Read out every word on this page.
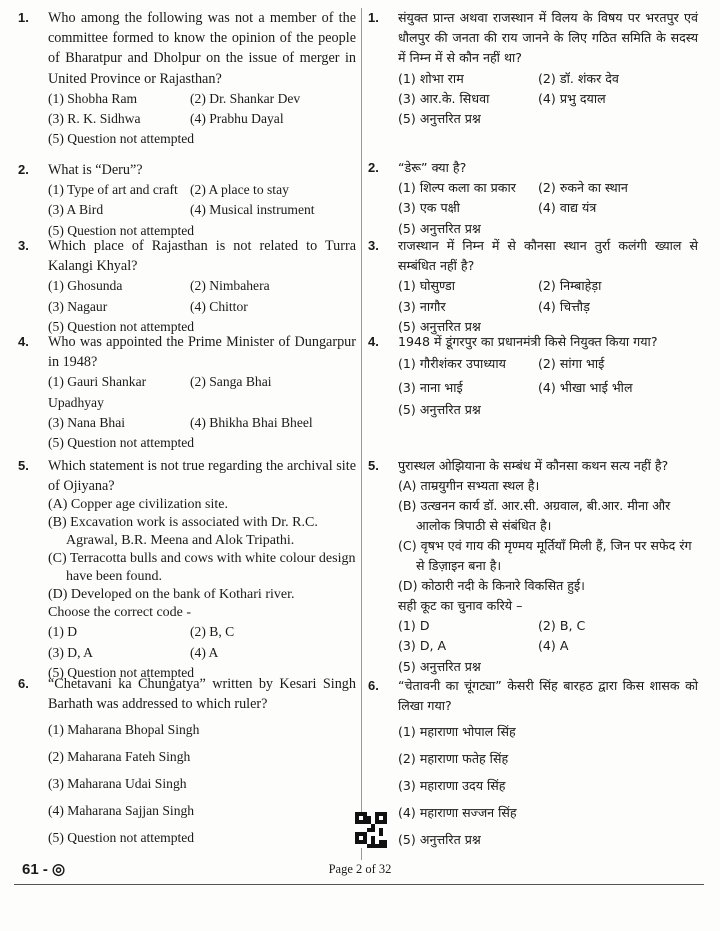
1. Who among the following was not a member of the committee formed to know the opinion of the people of Bharatpur and Dholpur on the issue of merger in United Province or Rajasthan?
(1) Shobha Ram	(2) Dr. Shankar Dev
(3) R. K. Sidhwa	(4) Prabhu Dayal
(5) Question not attempted
2. What is “Deru”?
(1) Type of art and craft (2) A place to stay
(3) A Bird	(4) Musical instrument
(5) Question not attempted
3. Which place of Rajasthan is not related to Turra Kalangi Khyal?
(1) Ghosunda	(2) Nimbahera
(3) Nagaur	(4) Chittor
(5) Question not attempted
4. Who was appointed the Prime Minister of Dungarpur in 1948?
(1) Gauri Shankar Upadhyay
(2) Sanga Bhai
(3) Nana Bhai	(4) Bhikha Bhai Bheel
(5) Question not attempted
5. Which statement is not true regarding the archival site of Ojiyana?
(A) Copper age civilization site.
(B) Excavation work is associated with Dr. R.C. Agrawal, B.R. Meena and Alok Tripathi.
(C) Terracotta bulls and cows with white colour design have been found.
(D) Developed on the bank of Kothari river.
Choose the correct code -
(1) D	(2) B, C
(3) D, A	(4) A
(5) Question not attempted
6. “Chetavani ka Chungatya” written by Kesari Singh Barhath was addressed to which ruler?
(1) Maharana Bhopal Singh
(2) Maharana Fateh Singh
(3) Maharana Udai Singh
(4) Maharana Sajjan Singh
(5) Question not attempted
1. संयुक्त प्रान्त अथवा राजस्थान में विलय के विषय पर भरतपुर एवं धौलपुर की जनता की राय जानने के लिए गठित समिति के सदस्य में निम्न में से कौन नहीं था?
(1) शोभा राम	(2) डॉ. शंकर देव
(3) आर.के. सिधवा	(4) प्रभु दयाल
(5) अनुत्तरित प्रश्न
2. “डेरू” क्या है?
(1) शिल्प कला का प्रकार	(2) रुकने का स्थान
(3) एक पक्षी	(4) वाद्य यंत्र
(5) अनुत्तरित प्रश्न
3. राजस्थान में निम्न में से कौनसा स्थान तुर्रा कलंगी ख्याल से सम्बंधित नहीं है?
(1) घोसुण्डा	(2) निम्बाहेड़ा
(3) नागौर	(4) चित्तौड़
(5) अनुत्तरित प्रश्न
4. 1948 में डूंगरपुर का प्रधानमंत्री किसे नियुक्त किया गया?
(1) गौरीशंकर उपाध्याय	(2) सांगा भाई
(3) नाना भाई	(4) भीखा भाई भील
(5) अनुत्तरित प्रश्न
5. पुरास्थल ओझियाना के सम्बंध में कौनसा कथन सत्य नहीं है?
(A) ताम्रयुगीन सभ्यता स्थल है।
(B) उत्खनन कार्य डॉ. आर.सी. अग्रवाल, बी.आर. मीना और आलोक त्रिपाठी से संबंधित है।
(C) वृषभ एवं गाय की मृण्मय मूर्तियाँ मिली हैं, जिन पर सफेद रंग से डिज़ाइन बना है।
(D) कोठारी नदी के किनारे विकसित हुई।
सही कूट का चुनाव करिये –
(1) D	(2) B, C
(3) D, A	(4) A
(5) अनुत्तरित प्रश्न
6. “चेतावनी का चूंगट्या” केसरी सिंह बारहठ द्वारा किस शासक को लिखा गया?
(1) महाराणा भोपाल सिंह
(2) महाराणा फतेह सिंह
(3) महाराणा उदय सिंह
(4) महाराणा सज्जन सिंह
(5) अनुत्तरित प्रश्न
61 - ◎	Page 2 of 32
